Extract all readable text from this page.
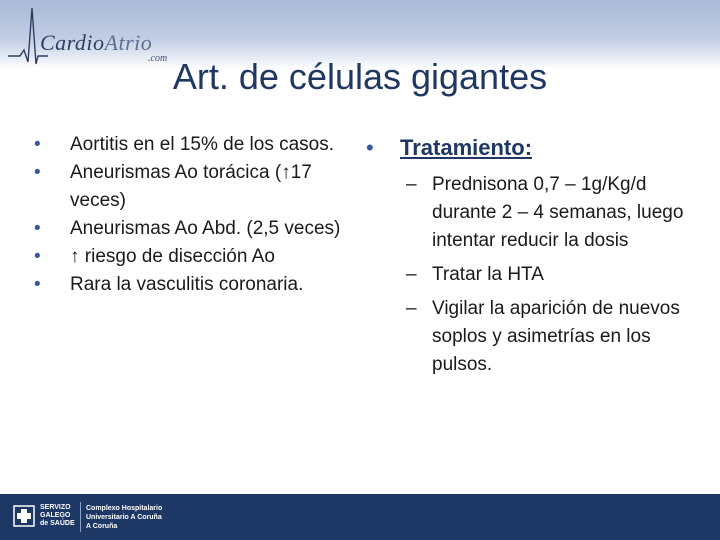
CardioAtrio
.com Art. de células gigantes
• Aortitis en el 15% de los casos.
• Aneurismas Ao torácica (↑17 veces)
• Aneurismas Ao Abd. (2,5 veces)
• ↑ riesgo de disección Ao
• Rara la vasculitis coronaria.
• Tratamiento:
– Prednisona 0,7 – 1g/Kg/d durante 2 – 4 semanas, luego intentar reducir la dosis
– Tratar la HTA
– Vigilar la aparición de nuevos soplos y asimetrías en los pulsos.
SERVIZO
GALEGO
de SAÚDE
Complexo Hospitalario
Universitario A Coruña
A Coruña
